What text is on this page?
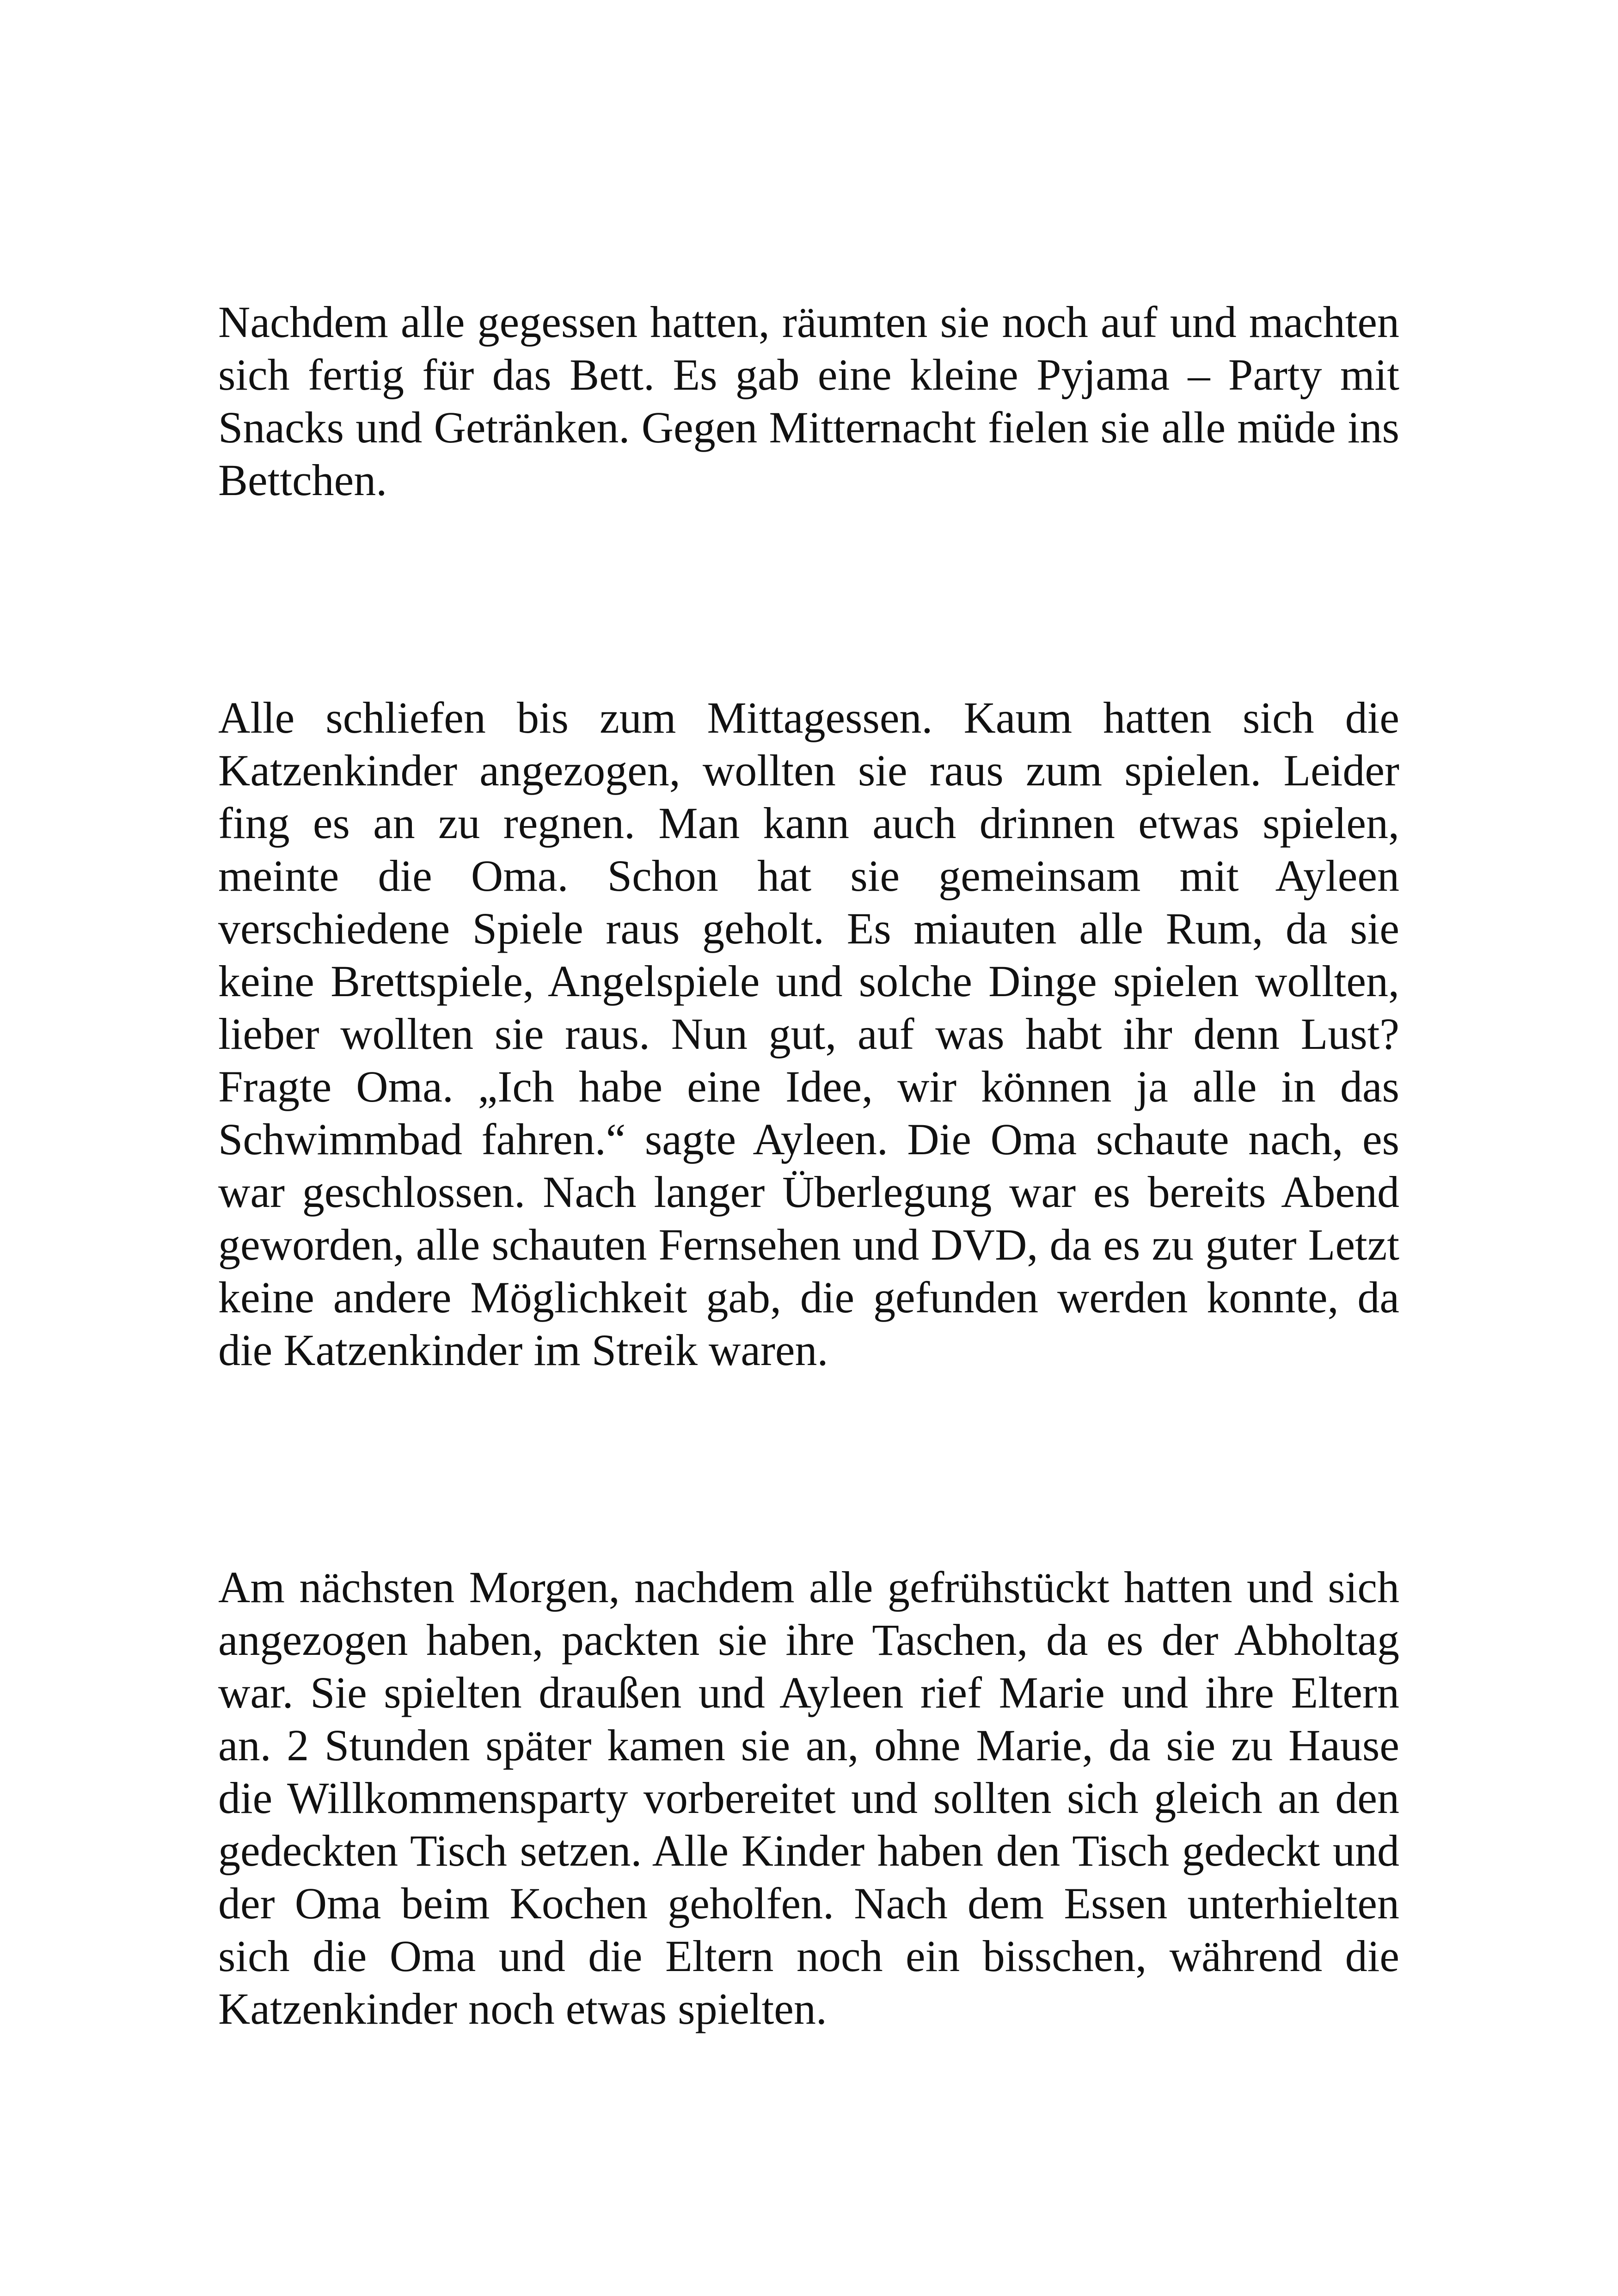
Nachdem alle gegessen hatten, räumten sie noch auf und machten sich fertig für das Bett. Es gab eine kleine Pyjama – Party mit Snacks und Getränken. Gegen Mitternacht fielen sie alle müde ins Bettchen.

Alle schliefen bis zum Mittagessen. Kaum hatten sich die Katzenkinder angezogen, wollten sie raus zum spielen. Leider fing es an zu regnen. Man kann auch drinnen etwas spielen, meinte die Oma. Schon hat sie gemeinsam mit Ayleen verschiedene Spiele raus geholt. Es miauten alle Rum, da sie keine Brettspiele, Angelspiele und solche Dinge spielen wollten, lieber wollten sie raus. Nun gut, auf was habt ihr denn Lust? Fragte Oma. „Ich habe eine Idee, wir können ja alle in das Schwimmbad fahren.“ sagte Ayleen. Die Oma schaute nach, es war geschlossen. Nach langer Überlegung war es bereits Abend geworden, alle schauten Fernsehen und DVD, da es zu guter Letzt keine andere Möglichkeit gab, die gefunden werden konnte, da die Katzenkinder im Streik waren.

Am nächsten Morgen, nachdem alle gefrühstückt hatten und sich angezogen haben, packten sie ihre Taschen, da es der Abholtag war. Sie spielten draußen und Ayleen rief Marie und ihre Eltern an. 2 Stunden später kamen sie an, ohne Marie, da sie zu Hause die Willkommensparty vorbereitet und sollten sich gleich an den gedeckten Tisch setzen. Alle Kinder haben den Tisch gedeckt und der Oma beim Kochen geholfen. Nach dem Essen unterhielten sich die Oma und die Eltern noch ein bisschen, während die Katzenkinder noch etwas spielten.
